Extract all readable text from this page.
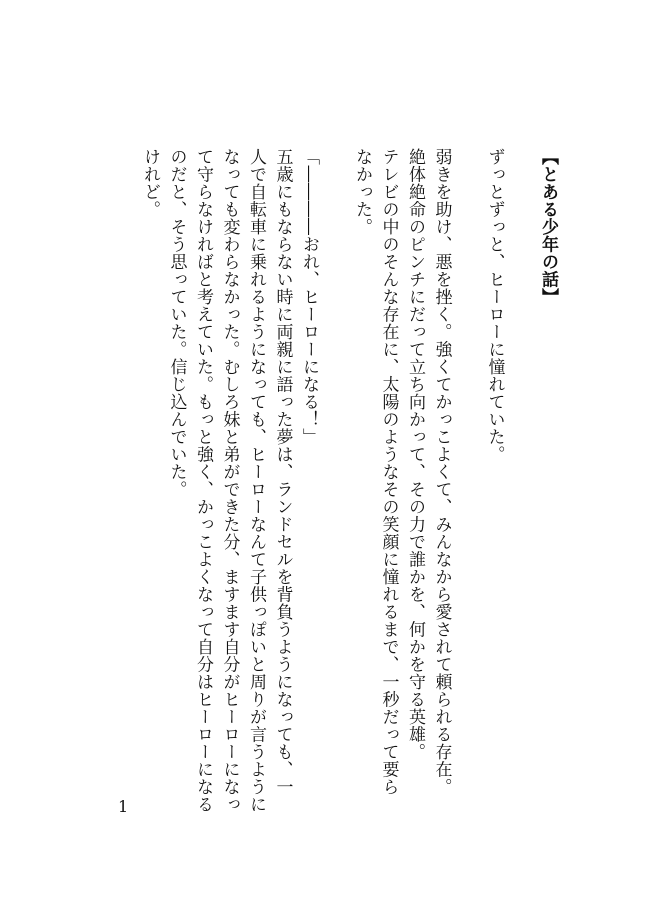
【とある少年の話】
ずっとずっと、ヒーローに憧れていた。

弱きを助け、悪を挫く。強くてかっこよくて、みんなから愛されて頼られる存在。
絶体絶命のピンチにだって立ち向かって、その力で誰かを、何かを守る英雄。
テレビの中のそんな存在に、太陽のようなその笑顔に憧れるまで、一秒だって要ら
なかった。

「――――おれ、ヒーローになる！」
五歳にもならない時に両親に語った夢は、ランドセルを背負うようになっても、一
人で自転車に乗れるようになっても、ヒーローなんて子供っぽいと周りが言うように
なっても変わらなかった。むしろ妹と弟ができた分、ますます自分がヒーローになっ
て守らなければと考えていた。もっと強く、かっこよくなって自分はヒーローになる
のだと、そう思っていた。信じ込んでいた。
けれど。
1
